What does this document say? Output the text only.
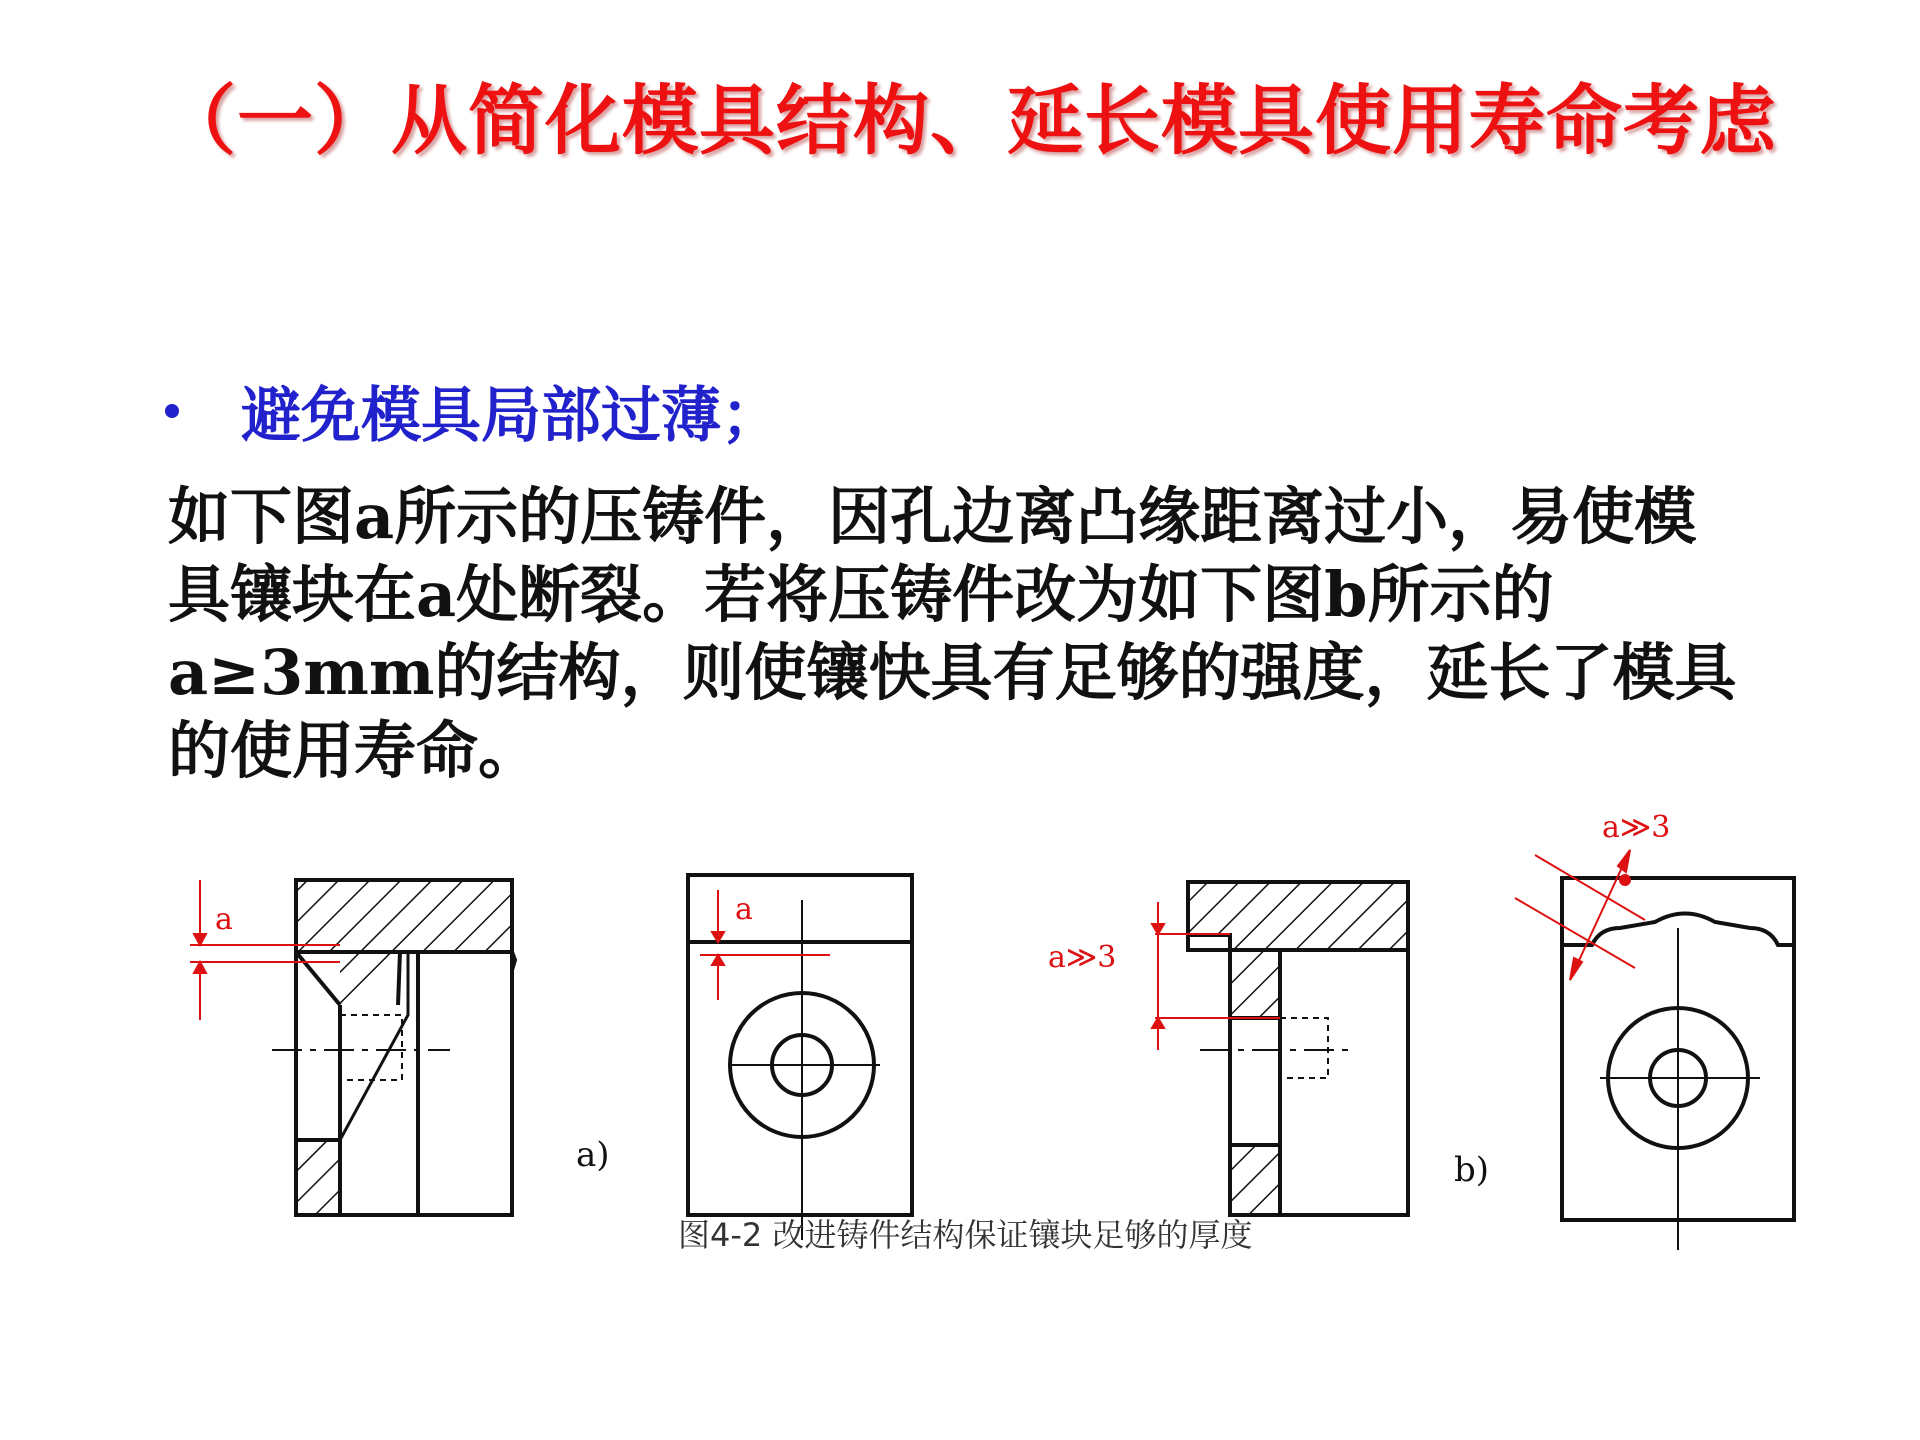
（一）从简化模具结构、延长模具使用寿命考虑
避免模具局部过薄；
如下图a所示的压铸件，因孔边离凸缘距离过小，易使模
具镶块在a处断裂。若将压铸件改为如下图b所示的
a≥3mm的结构，则使镶快具有足够的强度，延长了模具
的使用寿命。
a	a
a≫3
a≫3
a)	b)
图4-2 改进铸件结构保证镶块足够的厚度
